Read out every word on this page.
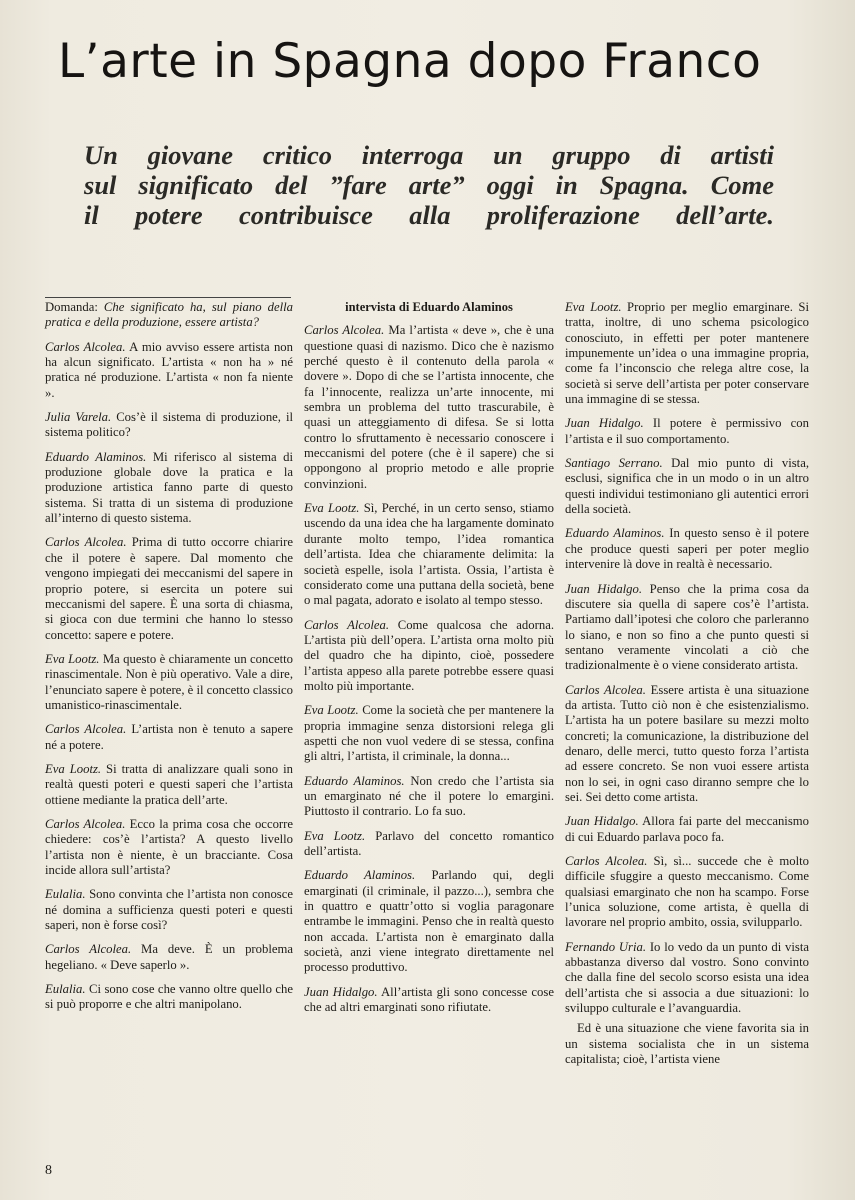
L’arte in Spagna dopo Franco
Un giovane critico interroga un gruppo di artisti
sul significato del ”fare arte” oggi in Spagna. Come
il potere contribuisce alla proliferazione dell’arte.

Domanda: Che significato ha, sul piano della pratica e della produzione, essere artista?

Carlos Alcolea. A mio avviso essere artista non ha alcun significato. L’artista « non ha » né pratica né produzione. L’artista « non fa niente ».

Julia Varela. Cos’è il sistema di produzione, il sistema politico?

Eduardo Alaminos. Mi riferisco al sistema di produzione globale dove la pratica e la produzione artistica fanno parte di questo sistema. Si tratta di un sistema di produzione all’interno di questo sistema.

Carlos Alcolea. Prima di tutto occorre chiarire che il potere è sapere. Dal momento che vengono impiegati dei meccanismi del sapere in proprio potere, si esercita un potere sui meccanismi del sapere. È una sorta di chiasma, si gioca con due termini che hanno lo stesso concetto: sapere e potere.

Eva Lootz. Ma questo è chiaramente un concetto rinascimentale. Non è più operativo. Vale a dire, l’enunciato sapere è potere, è il concetto classico umanistico-rinascimentale.

Carlos Alcolea. L’artista non è tenuto a sapere né a potere.

Eva Lootz. Si tratta di analizzare quali sono in realtà questi poteri e questi saperi che l’artista ottiene mediante la pratica dell’arte.

Carlos Alcolea. Ecco la prima cosa che occorre chiedere: cos’è l’artista? A questo livello l’artista non è niente, è un bracciante. Cosa incide allora sull’artista?

Eulalia. Sono convinta che l’artista non conosce né domina a sufficienza questi poteri e questi saperi, non è forse così?

Carlos Alcolea. Ma deve. È un problema hegeliano. « Deve saperlo ».

Eulalia. Ci sono cose che vanno oltre quello che si può proporre e che altri manipolano.

intervista di Eduardo Alaminos

Carlos Alcolea. Ma l’artista « deve », che è una questione quasi di nazismo. Dico che è nazismo perché questo è il contenuto della parola « dovere ». Dopo di che se l’artista innocente, che fa l’innocente, realizza un’arte innocente, mi sembra un problema del tutto trascurabile, è quasi un atteggiamento di difesa. Se si lotta contro lo sfruttamento è necessario conoscere i meccanismi del potere (che è il sapere) che si oppongono al proprio metodo e alle proprie convinzioni.

Eva Lootz. Sì, Perché, in un certo senso, stiamo uscendo da una idea che ha largamente dominato durante molto tempo, l’idea romantica dell’artista. Idea che chiaramente delimita: la società espelle, isola l’artista. Ossia, l’artista è considerato come una puttana della società, bene o mal pagata, adorato e isolato al tempo stesso.

Carlos Alcolea. Come qualcosa che adorna. L’artista più dell’opera. L’artista orna molto più del quadro che ha dipinto, cioè, possedere l’artista appeso alla parete potrebbe essere quasi molto più importante.

Eva Lootz. Come la società che per mantenere la propria immagine senza distorsioni relega gli aspetti che non vuol vedere di se stessa, confina gli altri, l’artista, il criminale, la donna...

Eduardo Alaminos. Non credo che l’artista sia un emarginato né che il potere lo emargini. Piuttosto il contrario. Lo fa suo.

Eva Lootz. Parlavo del concetto romantico dell’artista.

Eduardo Alaminos. Parlando qui, degli emarginati (il criminale, il pazzo...), sembra che in quattro e quattr’otto si voglia paragonare entrambe le immagini. Penso che in realtà questo non accada. L’artista non è emarginato dalla società, anzi viene integrato direttamente nel processo produttivo.

Juan Hidalgo. All’artista gli sono concesse cose che ad altri emarginati sono rifiutate.

Eva Lootz. Proprio per meglio emarginare. Si tratta, inoltre, di uno schema psicologico conosciuto, in effetti per poter mantenere impunemente un’idea o una immagine propria, come fa l’inconscio che relega altre cose, la società si serve dell’artista per poter conservare una immagine di se stessa.

Juan Hidalgo. Il potere è permissivo con l’artista e il suo comportamento.

Santiago Serrano. Dal mio punto di vista, esclusi, significa che in un modo o in un altro questi individui testimoniano gli autentici errori della società.

Eduardo Alaminos. In questo senso è il potere che produce questi saperi per poter meglio intervenire là dove in realtà è necessario.

Juan Hidalgo. Penso che la prima cosa da discutere sia quella di sapere cos’è l’artista. Partiamo dall’ipotesi che coloro che parleranno lo siano, e non so fino a che punto questi si sentano veramente vincolati a ciò che tradizionalmente è o viene considerato artista.

Carlos Alcolea. Essere artista è una situazione da artista. Tutto ciò non è che esistenzialismo. L’artista ha un potere basilare su mezzi molto concreti; la comunicazione, la distribuzione del denaro, delle merci, tutto questo forza l’artista ad essere concreto. Se non vuoi essere artista non lo sei, in ogni caso diranno sempre che lo sei. Sei detto come artista.

Juan Hidalgo. Allora fai parte del meccanismo di cui Eduardo parlava poco fa.

Carlos Alcolea. Sì, sì... succede che è molto difficile sfuggire a questo meccanismo. Come qualsiasi emarginato che non ha scampo. Forse l’unica soluzione, come artista, è quella di lavorare nel proprio ambito, ossia, svilupparlo.

Fernando Uria. Io lo vedo da un punto di vista abbastanza diverso dal vostro. Sono convinto che dalla fine del secolo scorso esista una idea dell’artista che si associa a due situazioni: lo sviluppo culturale e l’avanguardia.

Ed è una situazione che viene favorita sia in un sistema socialista che in un sistema capitalista; cioè, l’artista viene

8
